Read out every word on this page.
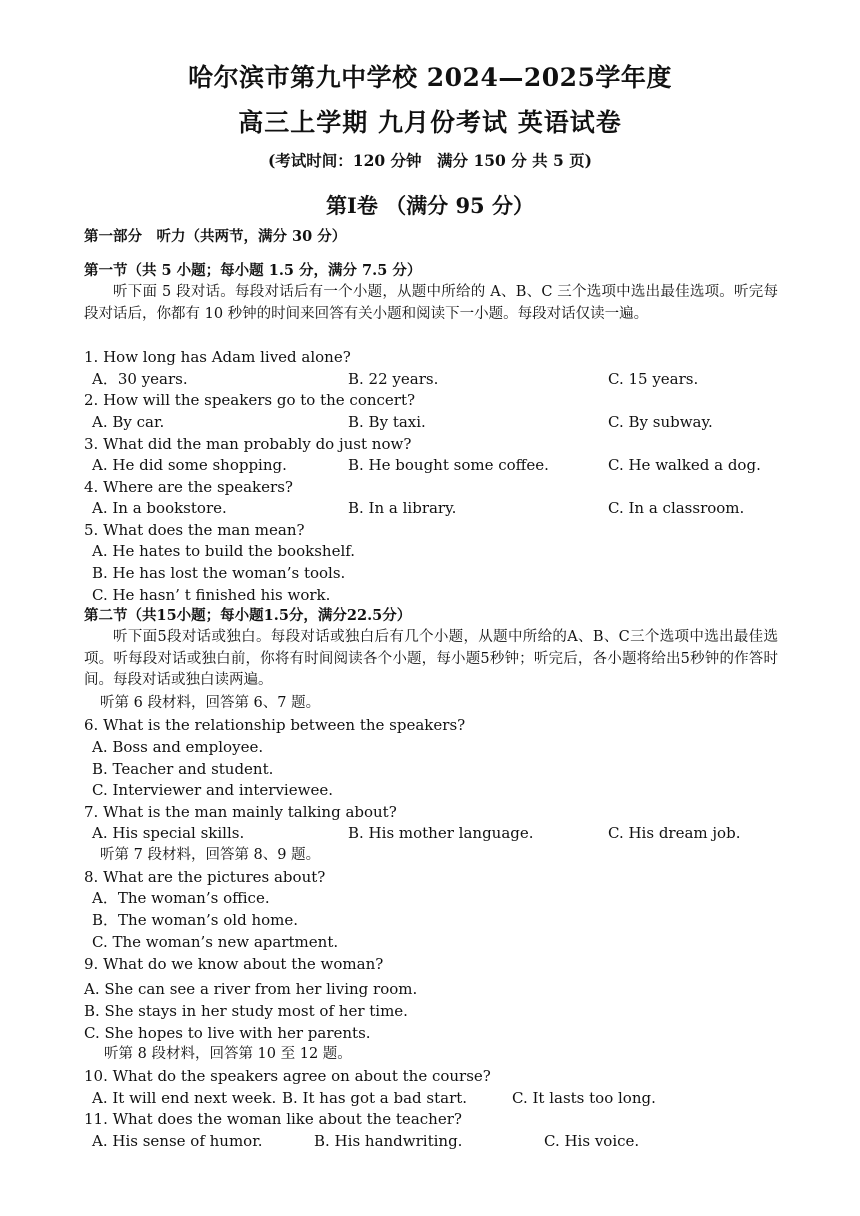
哈尔滨市第九中学校 2024—2025学年度
高三上学期 九月份考试 英语试卷
(考试时间：120 分钟　满分 150 分 共 5 页)
第Ⅰ卷 （满分 95 分）
第一部分　听力（共两节，满分 30 分）
第一节（共 5 小题；每小题 1.5 分，满分 7.5 分）
听下面 5 段对话。每段对话后有一个小题，从题中所给的 A、B、C 三个选项中选出最佳选项。听完每段对话后，你都有 10 秒钟的时间来回答有关小题和阅读下一小题。每段对话仅读一遍。
1. How long has Adam lived alone?
A．30 years.	B. 22 years.	C. 15 years.
2. How will the speakers go to the concert?
A. By car.	B. By taxi.	C. By subway.
3. What did the man probably do just now?
A. He did some shopping.	B. He bought some coffee.	C. He walked a dog.
4. Where are the speakers?
A. In a bookstore.	B. In a library.	C. In a classroom.
5. What does the man mean?
A. He hates to build the bookshelf.
B. He has lost the woman’s tools.
C. He hasn’ t finished his work.
第二节（共15小题；每小题1.5分，满分22.5分）
听下面5段对话或独白。每段对话或独白后有几个小题，从题中所给的A、B、C三个选项中选出最佳选项。听每段对话或独白前，你将有时间阅读各个小题，每小题5秒钟；听完后，各小题将给出5秒钟的作答时间。每段对话或独白读两遍。
听第 6 段材料，回答第 6、7 题。
6. What is the relationship between the speakers?
A. Boss and employee.
B. Teacher and student.
C. Interviewer and interviewee.
7. What is the man mainly talking about?
A. His special skills.	B. His mother language.	C. His dream job.
听第 7 段材料，回答第 8、9 题。
8. What are the pictures about?
A．The woman’s office.
B．The woman’s old home.
C. The woman’s new apartment.
9. What do we know about the woman?
A. She can see a river from her living room.
B. She stays in her study most of her time.
C. She hopes to live with her parents.
听第 8 段材料，回答第 10 至 12 题。
10. What do the speakers agree on about the course?
A. It will end next week. B. It has got a bad start.	C. It lasts too long.
11. What does the woman like about the teacher?
A. His sense of humor.	B. His handwriting.	C. His voice.
